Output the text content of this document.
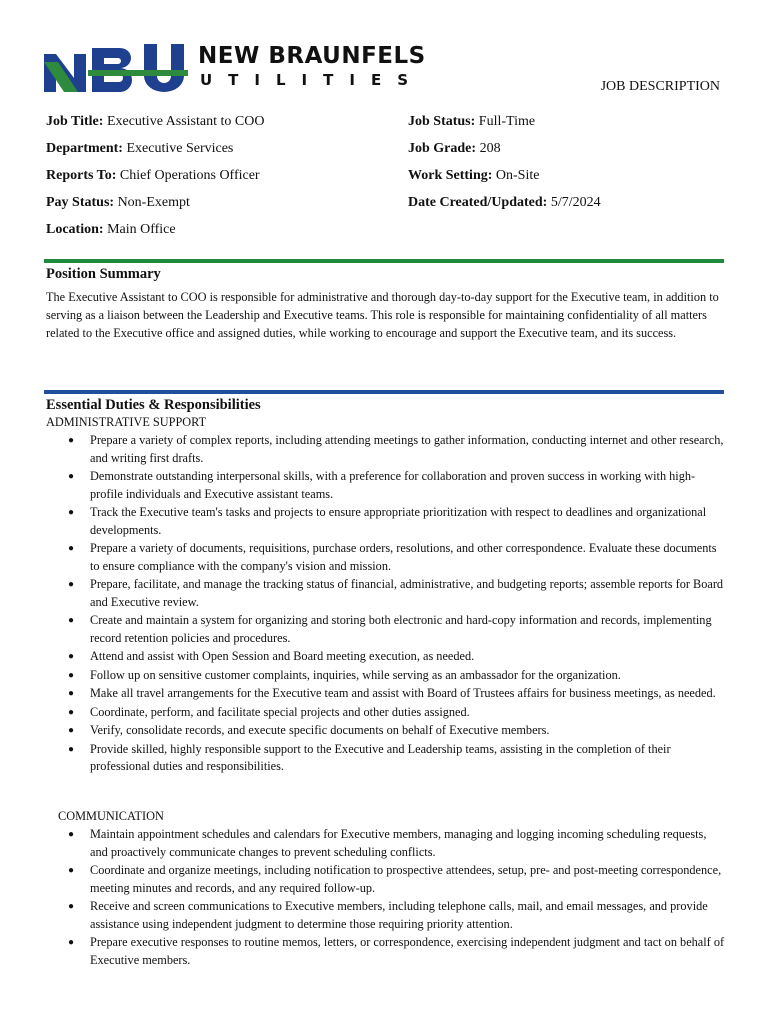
NEW BRAUNFELS
UTILITIES	JOB DESCRIPTION
Job Title: Executive Assistant to COO	Job Status: Full-Time
Department: Executive Services	Job Grade: 208
Reports To: Chief Operations Officer	Work Setting: On-Site
Pay Status: Non-Exempt	Date Created/Updated: 5/7/2024
Location: Main Office
Position Summary

The Executive Assistant to COO is responsible for administrative and thorough day-to-day support for the Executive team, in addition to serving as a liaison between the Leadership and Executive teams. This role is responsible for maintaining confidentiality of all matters related to the Executive office and assigned duties, while working to encourage and support the Executive team, and its success.

Essential Duties & Responsibilities
ADMINISTRATIVE SUPPORT
● Prepare a variety of complex reports, including attending meetings to gather information, conducting internet and other research, and writing first drafts.
● Demonstrate outstanding interpersonal skills, with a preference for collaboration and proven success in working with high-profile individuals and Executive assistant teams.
● Track the Executive team's tasks and projects to ensure appropriate prioritization with respect to deadlines and organizational developments.
● Prepare a variety of documents, requisitions, purchase orders, resolutions, and other correspondence. Evaluate these documents to ensure compliance with the company's vision and mission.
● Prepare, facilitate, and manage the tracking status of financial, administrative, and budgeting reports; assemble reports for Board and Executive review.
● Create and maintain a system for organizing and storing both electronic and hard-copy information and records, implementing record retention policies and procedures.
● Attend and assist with Open Session and Board meeting execution, as needed.
● Follow up on sensitive customer complaints, inquiries, while serving as an ambassador for the organization.
● Make all travel arrangements for the Executive team and assist with Board of Trustees affairs for business meetings, as needed.
● Coordinate, perform, and facilitate special projects and other duties assigned.
● Verify, consolidate records, and execute specific documents on behalf of Executive members.
● Provide skilled, highly responsible support to the Executive and Leadership teams, assisting in the completion of their professional duties and responsibilities.
COMMUNICATION
● Maintain appointment schedules and calendars for Executive members, managing and logging incoming scheduling requests, and proactively communicate changes to prevent scheduling conflicts.
● Coordinate and organize meetings, including notification to prospective attendees, setup, pre- and post-meeting correspondence, meeting minutes and records, and any required follow-up.
● Receive and screen communications to Executive members, including telephone calls, mail, and email messages, and provide assistance using independent judgment to determine those requiring priority attention.
● Prepare executive responses to routine memos, letters, or correspondence, exercising independent judgment and tact on behalf of Executive members.
